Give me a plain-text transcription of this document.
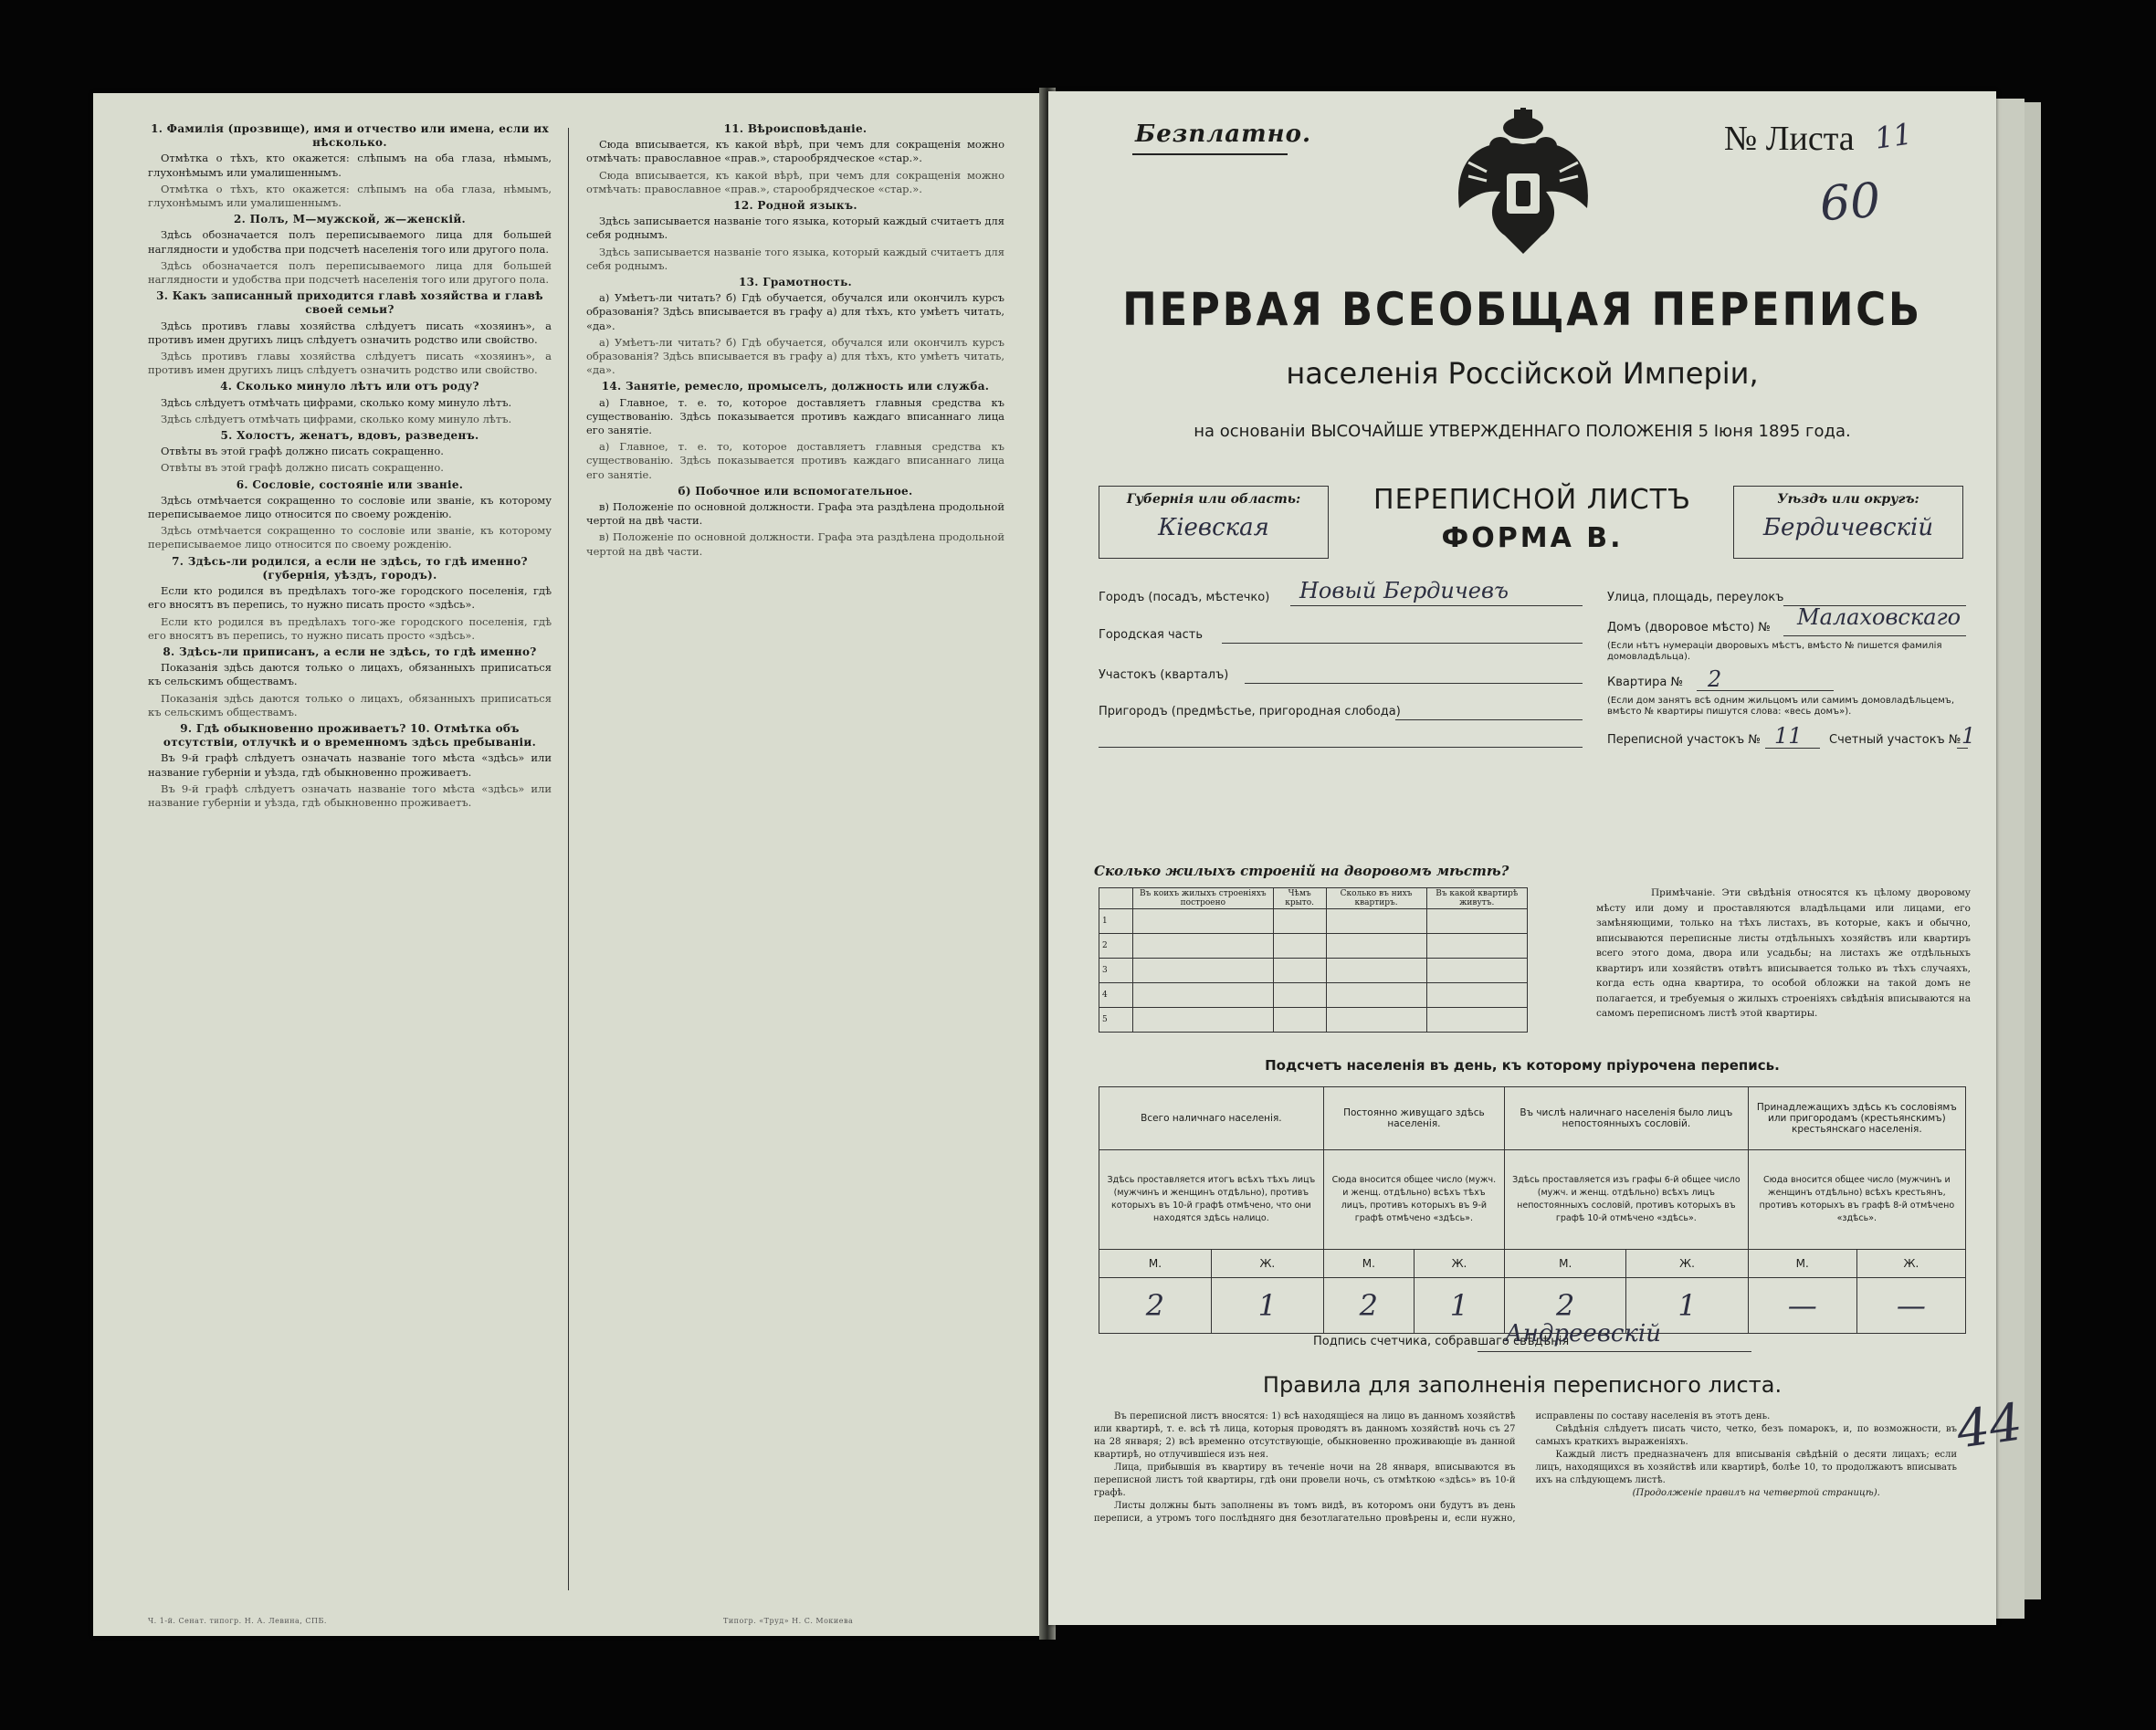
1. Фамилія (прозвище), имя и отчество или имена, если их нѣсколько.

Отмѣтка о тѣхъ, кто окажется: слѣпымъ на оба глаза, нѣмымъ, глухонѣмымъ или умалишеннымъ.

Отмѣтка о тѣхъ, кто окажется: слѣпымъ на оба глаза, нѣмымъ, глухонѣмымъ или умалишеннымъ.

2. Полъ, М—мужской, ж—женскій.

Здѣсь обозначается полъ переписываемого лица для большей наглядности и удобства при подсчетѣ населенія того или другого пола.

Здѣсь обозначается полъ переписываемого лица для большей наглядности и удобства при подсчетѣ населенія того или другого пола.

3. Какъ записанный приходится главѣ хозяйства и главѣ своей семьи?

Здѣсь противъ главы хозяйства слѣдуетъ писать «хозяинъ», а противъ имен другихъ лицъ слѣдуетъ означить родство или свойство.

Здѣсь противъ главы хозяйства слѣдуетъ писать «хозяинъ», а противъ имен другихъ лицъ слѣдуетъ означить родство или свойство.

4. Сколько минуло лѣтъ или отъ роду?

Здѣсь слѣдуетъ отмѣчать цифрами, сколько кому минуло лѣтъ.

Здѣсь слѣдуетъ отмѣчать цифрами, сколько кому минуло лѣтъ.

5. Холостъ, женатъ, вдовъ, разведенъ.

Отвѣты въ этой графѣ должно писать сокращенно.

Отвѣты въ этой графѣ должно писать сокращенно.

6. Сословіе, состояніе или званіе.

Здѣсь отмѣчается сокращенно то сословіе или званіе, къ которому переписываемое лицо относится по своему рожденію.

Здѣсь отмѣчается сокращенно то сословіе или званіе, къ которому переписываемое лицо относится по своему рожденію.

7. Здѣсь-ли родился, а если не здѣсь, то гдѣ именно? (губернія, уѣздъ, городъ).

Если кто родился въ предѣлахъ того-же городского поселенія, гдѣ его вносятъ въ перепись, то нужно писать просто «здѣсь».

Если кто родился въ предѣлахъ того-же городского поселенія, гдѣ его вносятъ въ перепись, то нужно писать просто «здѣсь».

8. Здѣсь-ли приписанъ, а если не здѣсь, то гдѣ именно?

Показанія здѣсь даются только о лицахъ, обязанныхъ приписаться къ сельскимъ обществамъ.

Показанія здѣсь даются только о лицахъ, обязанныхъ приписаться къ сельскимъ обществамъ.

9. Гдѣ обыкновенно проживаетъ? 10. Отмѣтка объ отсутствіи, отлучкѣ и о временномъ здѣсь пребываніи.

Въ 9-й графѣ слѣдуетъ означать названіе того мѣста «здѣсь» или название губерніи и уѣзда, гдѣ обыкновенно проживаетъ.

Въ 9-й графѣ слѣдуетъ означать названіе того мѣста «здѣсь» или название губерніи и уѣзда, гдѣ обыкновенно проживаетъ.

11. Вѣроисповѣданіе.

Сюда вписывается, къ какой вѣрѣ, при чемъ для сокращенія можно отмѣчать: православное «прав.», старообрядческое «стар.».

Сюда вписывается, къ какой вѣрѣ, при чемъ для сокращенія можно отмѣчать: православное «прав.», старообрядческое «стар.».

12. Родной языкъ.

Здѣсь записывается названіе того языка, который каждый считаетъ для себя роднымъ.

Здѣсь записывается названіе того языка, который каждый считаетъ для себя роднымъ.

13. Грамотность.

а) Умѣетъ-ли читать? б) Гдѣ обучается, обучался или окончилъ курсъ образованія? Здѣсь вписывается въ графу а) для тѣхъ, кто умѣетъ читать, «да».

а) Умѣетъ-ли читать? б) Гдѣ обучается, обучался или окончилъ курсъ образованія? Здѣсь вписывается въ графу а) для тѣхъ, кто умѣетъ читать, «да».

14. Занятіе, ремесло, промыселъ, должность или служба.

а) Главное, т. е. то, которое доставляетъ главныя средства къ существованію. Здѣсь показывается противъ каждаго вписаннаго лица его занятіе.

а) Главное, т. е. то, которое доставляетъ главныя средства къ существованію. Здѣсь показывается противъ каждаго вписаннаго лица его занятіе.

б) Побочное или вспомогательное.

в) Положеніе по основной должности. Графа эта раздѣлена продольной чертой на двѣ части.

в) Положеніе по основной должности. Графа эта раздѣлена продольной чертой на двѣ части.

Ч. 1-й. Сенат. типогр. Н. А. Левина, СПБ.	Типогр. «Труд» Н. С. Мокиева
Безплатно.	№ Листа 11
60
ПЕРВАЯ ВСЕОБЩАЯ ПЕРЕПИСЬ
населенія Россійской Имперіи,
на основаніи ВЫСОЧАЙШЕ УТВЕРЖДЕННАГО ПОЛОЖЕНІЯ 5 Іюня 1895 года.
Губернія или область:
Кіевская
ПЕРЕПИСНОЙ ЛИСТЪ
ФОРМА В.
Уѣздъ или округъ:
Бердичевскій
Городъ (посадъ, мѣстечко) Новый Бердичевъ
Городская часть
Участокъ (кварталъ)
Пригородъ (предмѣстье, пригородная слобода)
Улица, площадь, переулокъ
Домъ (дворовое мѣсто) № Малаховскаго
(Если нѣтъ нумераціи дворовыхъ мѣстъ, вмѣсто № пишется фамилія домовладѣльца).
Квартира № 2
(Если дом занятъ всѣ одним жильцомъ или самимъ домовладѣльцемъ, вмѣсто № квартиры пишутся слова: «весь домъ»).
Переписной участокъ № 11 Счетный участокъ № 1
Сколько жилыхъ строеній на дворовомъ мѣстѣ?
	Въ коихъ жилыхъ строеніяхъ построено	Чѣмъ крыто.	Сколько въ нихъ квартиръ.	Въ какой квартирѣ живутъ.
1				
2				
3				
4				
5				
Примѣчаніе. Эти свѣдѣнія относятся къ цѣлому дворовому мѣсту или дому и проставляются владѣльцами или лицами, его замѣняющими, только на тѣхъ листахъ, въ которые, какъ и обычно, вписываются переписные листы отдѣльныхъ хозяйствъ или квартиръ всего этого дома, двора или усадьбы; на листахъ же отдѣльныхъ квартиръ или хозяйствъ отвѣтъ вписывается только въ тѣхъ случаяхъ, когда есть одна квартира, то особой обложки на такой домъ не полагается, и требуемыя о жилыхъ строеніяхъ свѣдѣнія вписываются на самомъ переписномъ листѣ этой квартиры.
Подсчетъ населенія въ день, къ которому пріурочена перепись.
Всего наличнаго населенія.		Постоянно живущаго здѣсь населенія.		Въ числѣ наличнаго населенія было лицъ непостоянныхъ сословій.		Принадлежащихъ здѣсь къ сословіямъ или пригородамъ (крестьянскимъ) крестьянскаго населенія.	
Здѣсь проставляется итогъ всѣхъ тѣхъ лицъ (мужчинъ и женщинъ отдѣльно), противъ которыхъ въ 10-й графѣ отмѣчено, что они находятся здѣсь налицо.		Сюда вносится общее число (мужч. и женщ. отдѣльно) всѣхъ тѣхъ лицъ, противъ которыхъ въ 9-й графѣ отмѣчено «здѣсь».		Здѣсь проставляется изъ графы 6-й общее число (мужч. и женщ. отдѣльно) всѣхъ лицъ непостоянныхъ сословій, противъ которыхъ въ графѣ 10-й отмѣчено «здѣсь».		Сюда вносится общее число (мужчинъ и женщинъ отдѣльно) всѣхъ крестьянъ, противъ которыхъ въ графѣ 8-й отмѣчено «здѣсь».	
М.	Ж.	М.	Ж.	М.	Ж.	М.	Ж.
2	1	2	1	2	1	—	—
Подпись счетчика, собравшаго свѣдѣнія
Андреевскій
Правила для заполненія переписного листа.

Въ переписной листъ вносятся: 1) всѣ находящіеся на лицо въ данномъ хозяйствѣ или квартирѣ, т. е. всѣ тѣ лица, которыя проводятъ въ данномъ хозяйствѣ ночь съ 27 на 28 января; 2) всѣ временно отсутствующіе, обыкновенно проживающіе въ данной квартирѣ, но отлучившіеся изъ нея.

Лица, прибывшія въ квартиру въ теченіе ночи на 28 января, вписываются въ переписной листъ той квартиры, гдѣ они провели ночь, съ отмѣткою «здѣсь» въ 10-й графѣ.

Листы должны быть заполнены въ томъ видѣ, въ которомъ они будутъ въ день переписи, а утромъ того послѣдняго дня безотлагательно провѣрены и, если нужно, исправлены по составу населенія въ этотъ день.

Свѣдѣнія слѣдуетъ писать чисто, четко, безъ помарокъ, и, по возможности, въ самыхъ краткихъ выраженіяхъ.

Каждый листъ предназначенъ для вписыванія свѣдѣній о десяти лицахъ; если лицъ, находящихся въ хозяйствѣ или квартирѣ, болѣе 10, то продолжаютъ вписывать ихъ на слѣдующемъ листѣ.

(Продолженіе правилъ на четвертой страницѣ).

44
